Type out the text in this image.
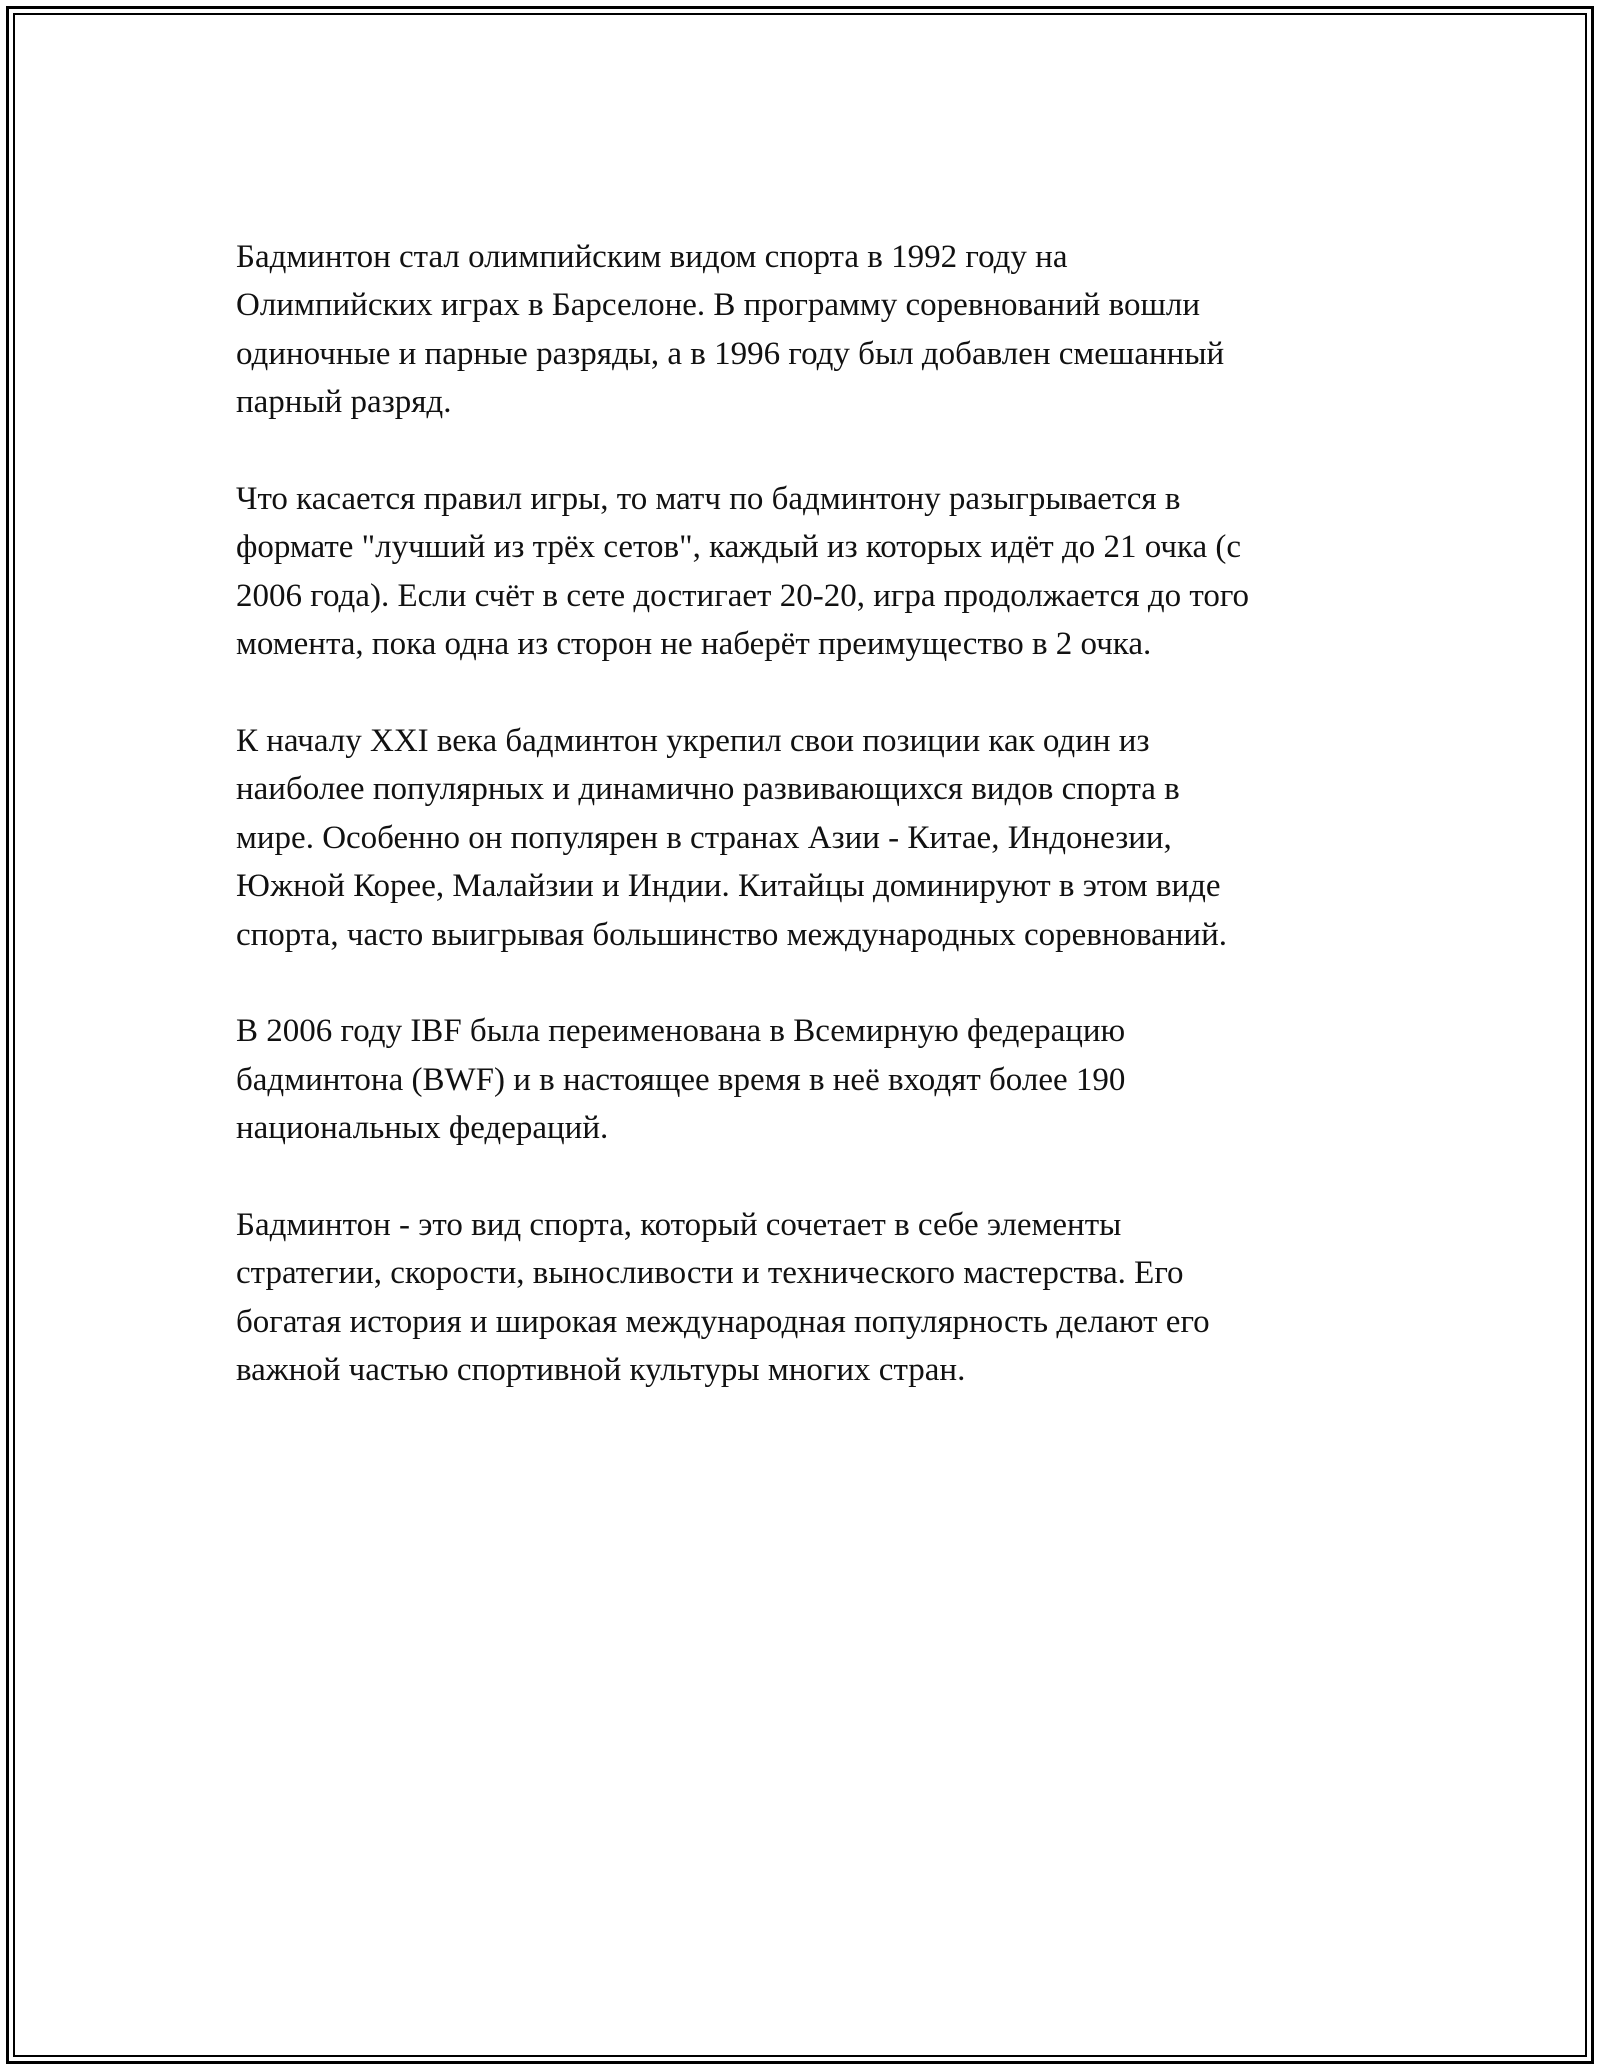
Бадминтон стал олимпийским видом спорта в 1992 году на
Олимпийских играх в Барселоне. В программу соревнований вошли
одиночные и парные разряды, а в 1996 году был добавлен смешанный
парный разряд.

Что касается правил игры, то матч по бадминтону разыгрывается в
формате "лучший из трёх сетов", каждый из которых идёт до 21 очка (с
2006 года). Если счёт в сете достигает 20-20, игра продолжается до того
момента, пока одна из сторон не наберёт преимущество в 2 очка.

К началу XXI века бадминтон укрепил свои позиции как один из
наиболее популярных и динамично развивающихся видов спорта в
мире. Особенно он популярен в странах Азии - Китае, Индонезии,
Южной Корее, Малайзии и Индии. Китайцы доминируют в этом виде
спорта, часто выигрывая большинство международных соревнований.

В 2006 году IBF была переименована в Всемирную федерацию
бадминтона (BWF) и в настоящее время в неё входят более 190
национальных федераций.

Бадминтон - это вид спорта, который сочетает в себе элементы
стратегии, скорости, выносливости и технического мастерства. Его
богатая история и широкая международная популярность делают его
важной частью спортивной культуры многих стран.
